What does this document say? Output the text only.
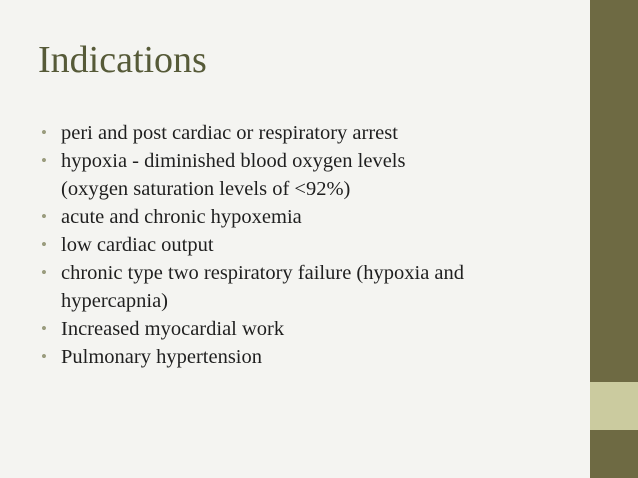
Indications
• peri and post cardiac or respiratory arrest
• hypoxia - diminished blood oxygen levels
(oxygen saturation levels of <92%)
• acute and chronic hypoxemia
• low cardiac output
• chronic type two respiratory failure (hypoxia and
hypercapnia)
• Increased myocardial work
• Pulmonary hypertension
